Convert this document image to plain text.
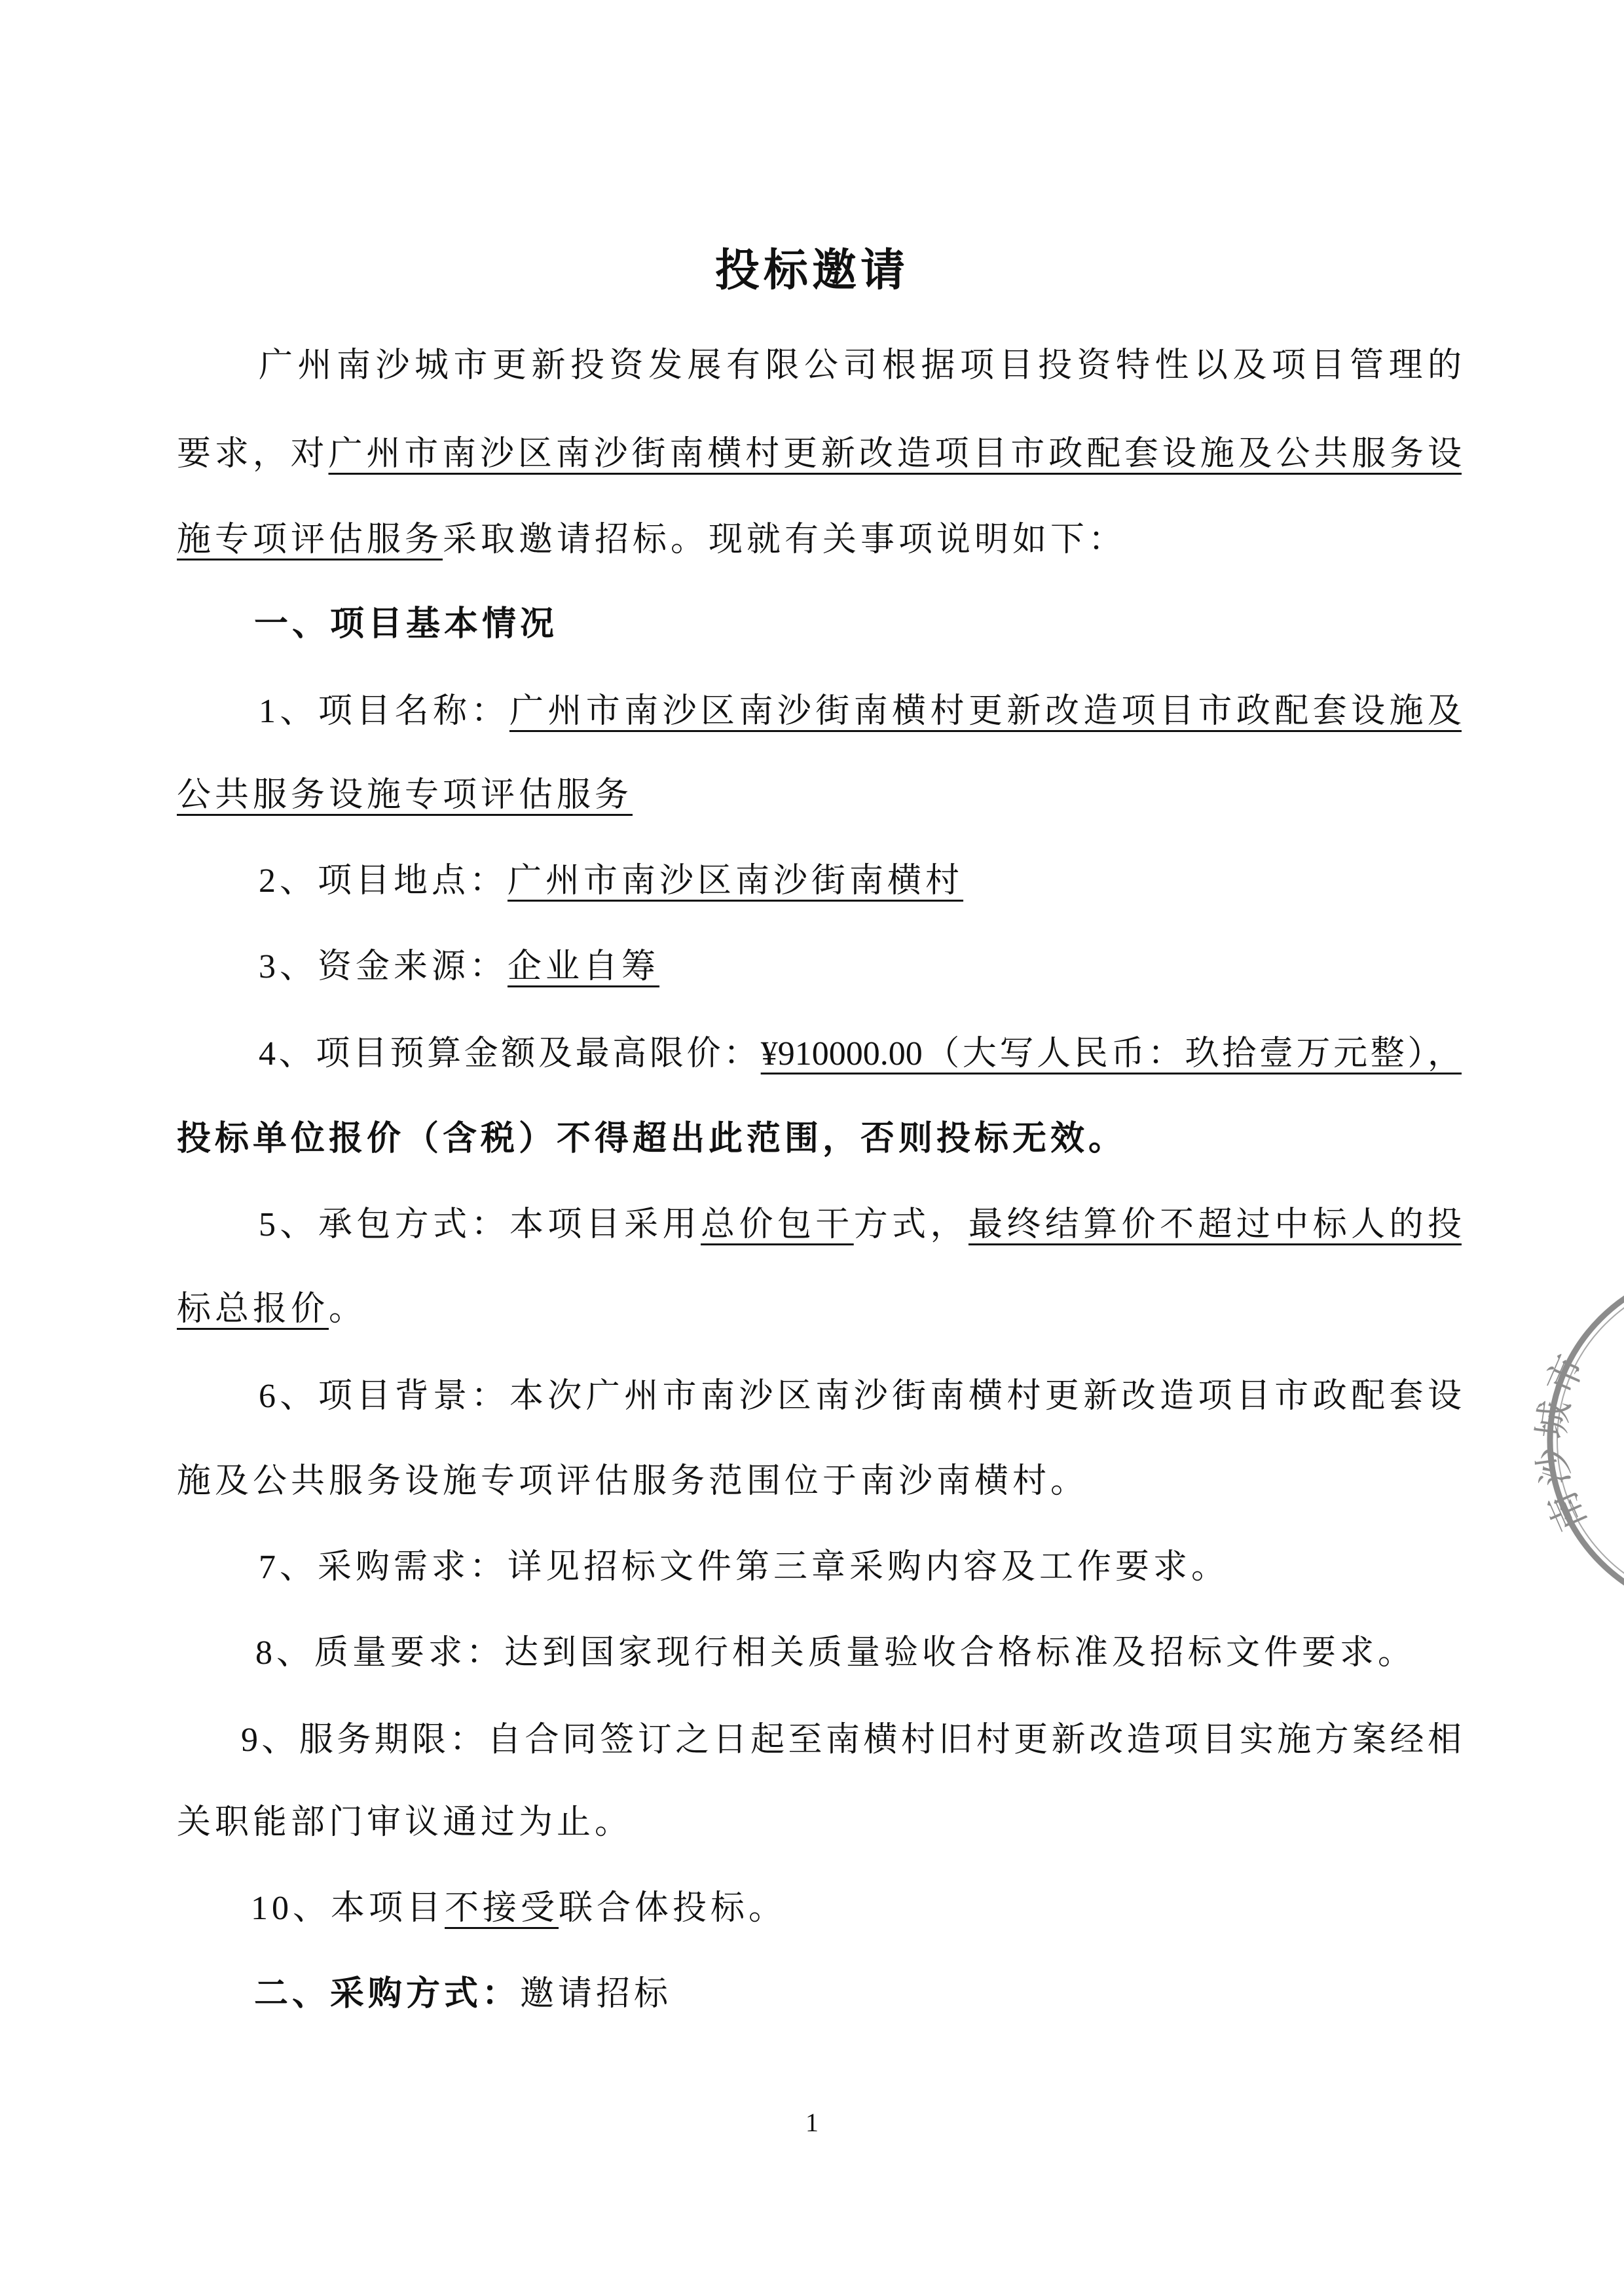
投标邀请
广州南沙城市更新投资发展有限公司根据项目投资特性以及项目管理的
要求，对广州市南沙区南沙街南横村更新改造项目市政配套设施及公共服务设
施专项评估服务采取邀请招标。现就有关事项说明如下：
一、项目基本情况
1、项目名称：广州市南沙区南沙街南横村更新改造项目市政配套设施及
公共服务设施专项评估服务
2、项目地点：广州市南沙区南沙街南横村
3、资金来源：企业自筹
4、项目预算金额及最高限价：¥910000.00（大写人民币：玖拾壹万元整），
投标单位报价（含税）不得超出此范围，否则投标无效。
5、承包方式：本项目采用总价包干方式，最终结算价不超过中标人的投
标总报价。
6、项目背景：本次广州市南沙区南沙街南横村更新改造项目市政配套设
施及公共服务设施专项评估服务范围位于南沙南横村。
7、采购需求：详见招标文件第三章采购内容及工作要求。
8、质量要求：达到国家现行相关质量验收合格标准及招标文件要求。
9、服务期限：自合同签订之日起至南横村旧村更新改造项目实施方案经相
关职能部门审议通过为止。
10、本项目不接受联合体投标。
二、采购方式：邀请招标
1
南沙城市
